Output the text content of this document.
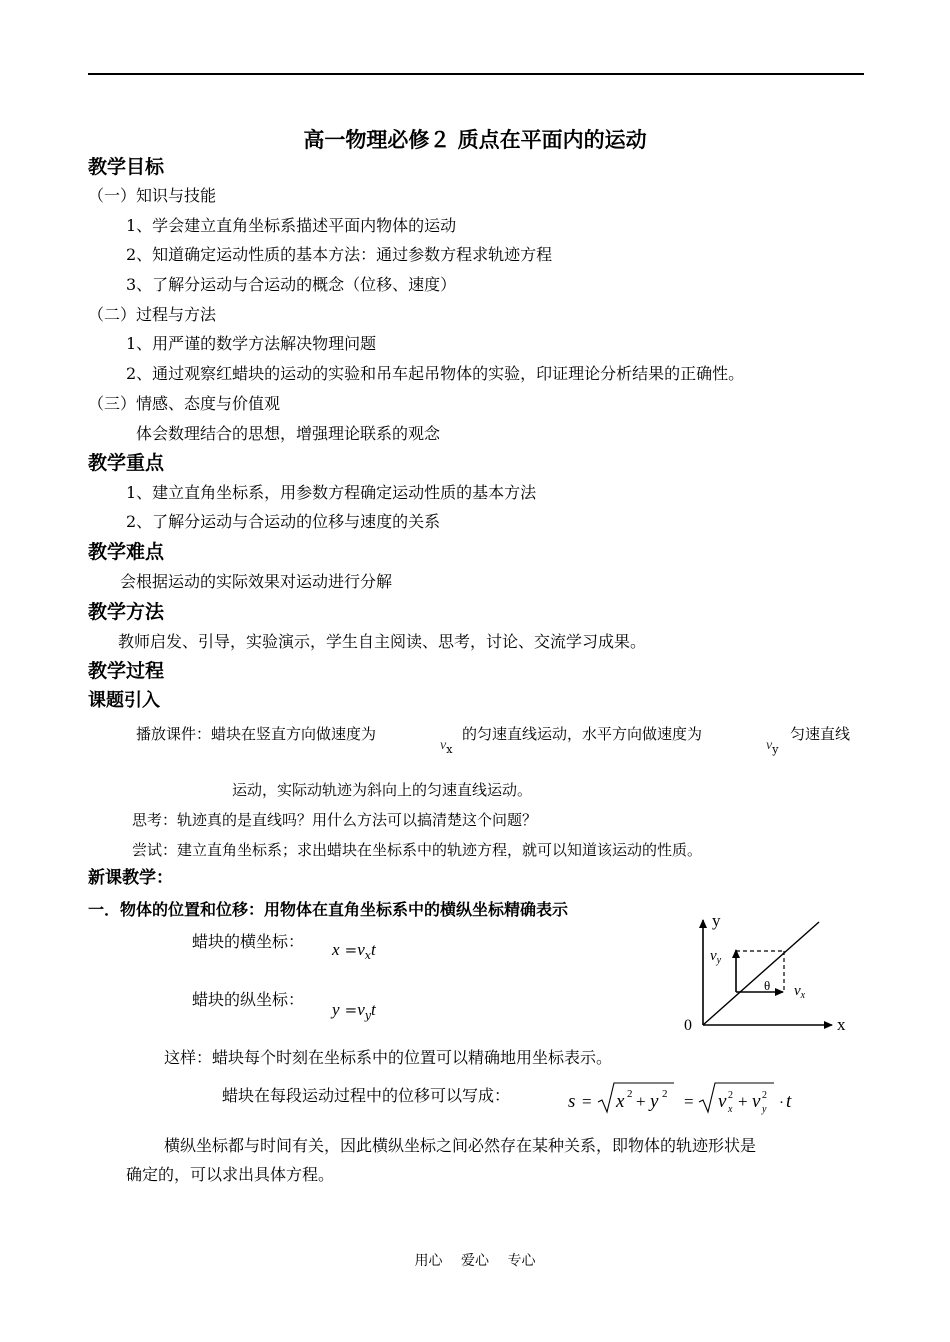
高一物理必修２ 质点在平面内的运动
教学目标
（一）知识与技能
1、学会建立直角坐标系描述平面内物体的运动
2、知道确定运动性质的基本方法：通过参数方程求轨迹方程
3、了解分运动与合运动的概念（位移、速度）
（二）过程与方法
1、用严谨的数学方法解决物理问题
2、通过观察红蜡块的运动的实验和吊车起吊物体的实验，印证理论分析结果的正确性。
（三）情感、态度与价值观
体会数理结合的思想，增强理论联系的观念
教学重点
1、建立直角坐标系，用参数方程确定运动性质的基本方法
2、了解分运动与合运动的位移与速度的关系
教学难点
会根据运动的实际效果对运动进行分解
教学方法
教师启发、引导，实验演示，学生自主阅读、思考，讨论、交流学习成果。
教学过程
课题引入
播放课件：蜡块在竖直方向做速度为
$v_x$
的匀速直线运动，水平方向做速度为
$v_y$
匀速直线
运动，实际动轨迹为斜向上的匀速直线运动。
思考：轨迹真的是直线吗？用什么方法可以搞清楚这个问题？
尝试：建立直角坐标系；求出蜡块在坐标系中的轨迹方程，就可以知道该运动的性质。
新课教学：
一．物体的位置和位移：用物体在直角坐标系中的横纵坐标精确表示
蜡块的横坐标： $x =v_xt$
蜡块的纵坐标：
$y =v_yt$
y
x
0
$v_y$
$v_x$
θ
这样：蜡块每个时刻在坐标系中的位置可以精确地用坐标表示。
蜡块在每段运动过程中的位移可以写成：	s = x 2 + y 2 = v 2
x + v 2
y · t
横纵坐标都与时间有关，因此横纵坐标之间必然存在某种关系，即物体的轨迹形状是
确定的，可以求出具体方程。
用心 爱心 专心
